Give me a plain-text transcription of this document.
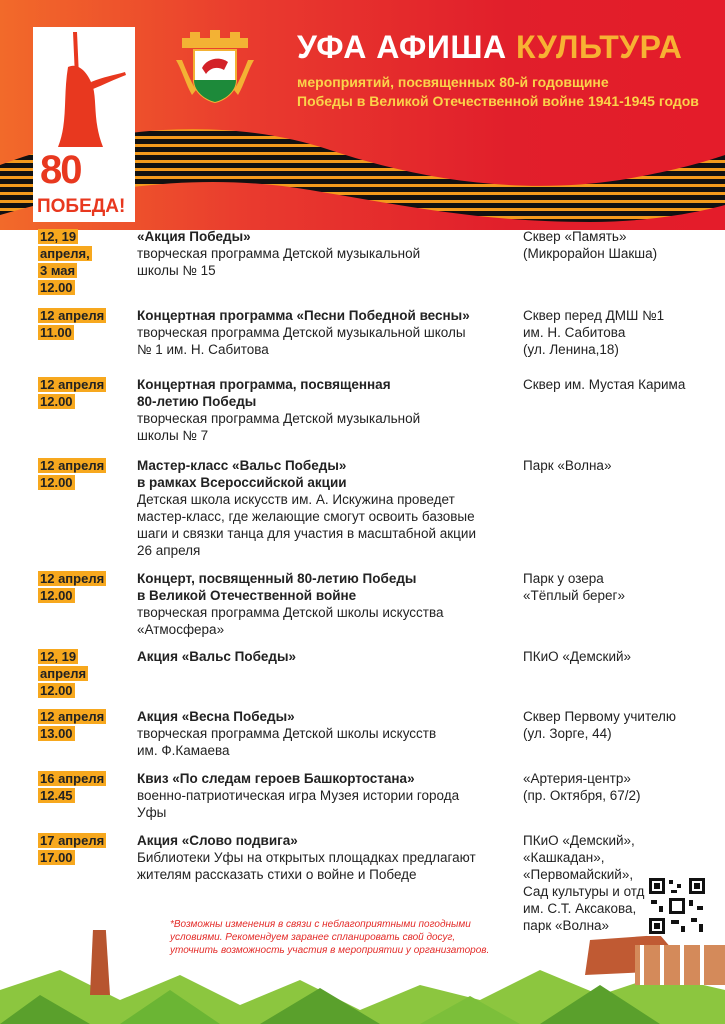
80
ПОБЕДА!
УФА АФИША КУЛЬТУРА
мероприятий, посвященных 80-й годовщине
Победы в Великой Отечественной войне 1941-1945 годов
12, 19
апреля,
3 мая
12.00
«Акция Победы»
творческая программа Детской музыкальной
школы № 15
Сквер «Память»
(Микрорайон Шакша)
12 апреля
11.00
Концертная программа «Песни Победной весны»
творческая программа Детской музыкальной школы
№ 1 им. Н. Сабитова
Сквер перед ДМШ №1
им. Н. Сабитова
(ул. Ленина,18)
12 апреля
12.00
Концертная программа, посвященная
80-летию Победы
творческая программа Детской музыкальной
школы № 7
Сквер им. Мустая Карима
12 апреля
12.00
Мастер-класс «Вальс Победы»
в рамках Всероссийской акции
Детская школа искусств им. А. Искужина проведет
мастер-класс, где желающие смогут освоить базовые
шаги и связки танца для участия в масштабной акции
26 апреля
Парк «Волна»
12 апреля
12.00
Концерт, посвященный 80-летию Победы
в Великой Отечественной войне
творческая программа Детской школы искусства
«Атмосфера»
Парк у озера
«Тёплый берег»
12, 19
апреля
12.00
Акция «Вальс Победы»	ПКиО «Демский»
12 апреля
13.00
Акция «Весна Победы»
творческая программа Детской школы искусств
им. Ф.Камаева
Сквер Первому учителю
(ул. Зорге, 44)
16 апреля
12.45
Квиз «По следам героев Башкортостана»
военно-патриотическая игра Музея истории города
Уфы
«Артерия-центр»
(пр. Октября, 67/2)
17 апреля
17.00
Акция «Слово подвига»
Библиотеки Уфы на открытых площадках предлагают
жителям рассказать стихи о войне и Победе
ПКиО «Демский»,
«Кашкадан»,
«Первомайский»,
Сад культуры и отд
им. С.Т. Аксакова,
парк «Волна»
*Возможны изменения в связи с неблагоприятными погодными
условиями. Рекомендуем заранее спланировать свой досуг,
уточнить возможность участия в мероприятии у организаторов.
